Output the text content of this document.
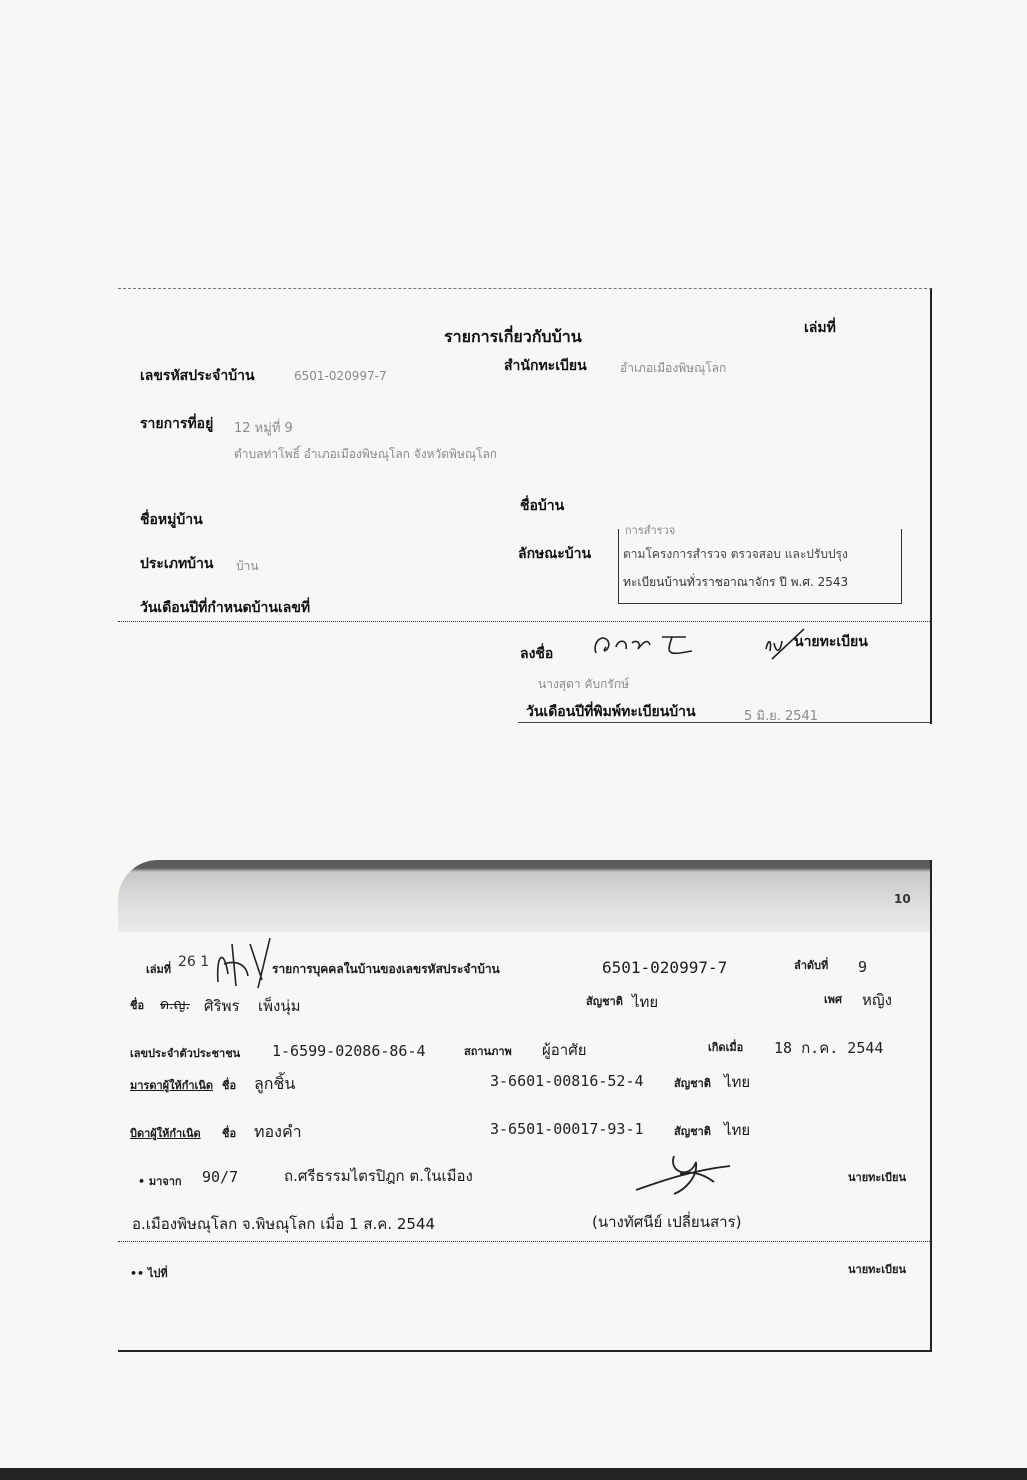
รายการเกี่ยวกับบ้าน	เล่มที่
เลขรหัสประจำบ้าน	6501-020997-7
สำนักทะเบียน	อำเภอเมืองพิษณุโลก
รายการที่อยู่ 12 หมู่ที่ 9
ตำบลท่าโพธิ์ อำเภอเมืองพิษณุโลก จังหวัดพิษณุโลก
ชื่อหมู่บ้าน
ชื่อบ้าน
ประเภทบ้าน บ้าน
ลักษณะบ้าน
การสำรวจ
ตามโครงการสำรวจ ตรวจสอบ และปรับปรุง
ทะเบียนบ้านทั่วราชอาณาจักร ปี พ.ศ. 2543
วันเดือนปีที่กำหนดบ้านเลขที่
ลงชื่อ
นายทะเบียน
นางสุดา คับกรักษ์
วันเดือนปีที่พิมพ์ทะเบียนบ้าน	5 มิ.ย. 2541
10
เล่มที่ 26 1	รายการบุคคลในบ้านของเลขรหัสประจำบ้าน	6501-020997-7	ลำดับที่ 9
ชื่อ ด.ญ. ศิริพร เพ็งนุ่ม	สัญชาติ ไทย	เพศ หญิง
เลขประจำตัวประชาชน 1-6599-02086-86-4	สถานภาพ ผู้อาศัย	เกิดเมื่อ 18 ก.ค. 2544
มารดาผู้ให้กำเนิด ชื่อ ลูกชิ้น	3-6601-00816-52-4	สัญชาติ ไทย
บิดาผู้ให้กำเนิด ชื่อ ทองคำ	3-6501-00017-93-1	สัญชาติ ไทย
• มาจาก 90/7	ถ.ศรีธรรมไตรปิฎก ต.ในเมือง	นายทะเบียน
อ.เมืองพิษณุโลก จ.พิษณุโลก เมื่อ 1 ส.ค. 2544	(นางทัศนีย์ เปลี่ยนสาร)
•• ไปที่	นายทะเบียน
